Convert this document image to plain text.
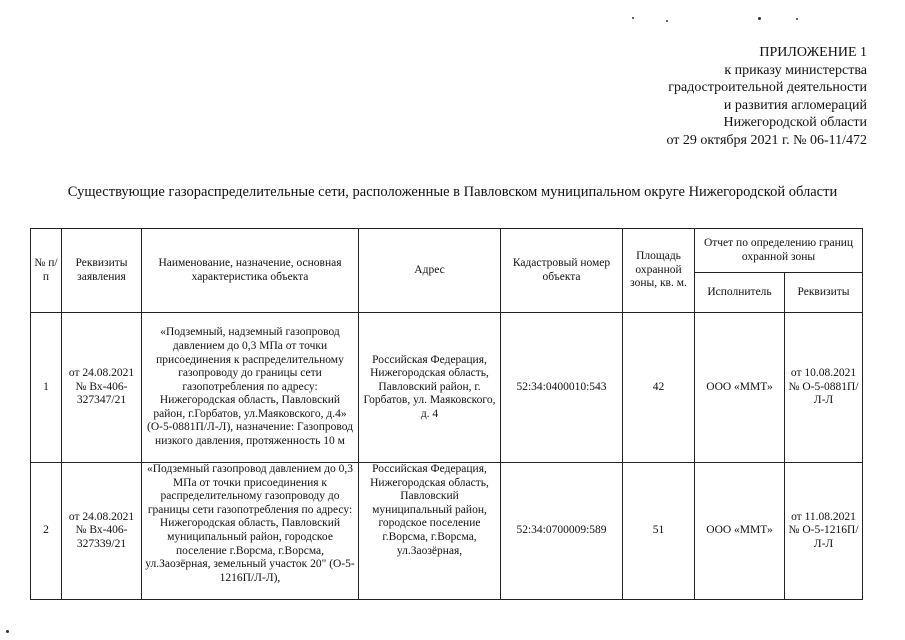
ПРИЛОЖЕНИЕ 1
к приказу министерства
градостроительной деятельности
и развития агломераций
Нижегородской области
от 29 октября 2021 г. № 06-11/472
Существующие газораспределительные сети, расположенные в Павловском муниципальном округе Нижегородской области
№ п/п	Реквизиты заявления	Наименование, назначение, основная характеристика объекта	Адрес	Кадастровый номер объекта	Площадь охранной зоны, кв. м.	Отчет по определению границ охранной зоны	
						Исполнитель	Реквизиты
1	от 24.08.2021 № Вх-406-327347/21	«Подземный, надземный газопровод давлением до 0,3 МПа от точки присоединения к распределительному газопроводу до границы сети газопотребления по адресу: Нижегородская область, Павловский район, г.Горбатов, ул.Маяковского, д.4» (О-5-0881П/Л-Л), назначение: Газопровод низкого давления, протяженность 10 м	Российская Федерация, Нижегородская область, Павловский район, г. Горбатов, ул. Маяковского, д. 4	52:34:0400010:543	42	ООО «ММТ»	от 10.08.2021 № О-5-0881П/Л-Л
2	от 24.08.2021 № Вх-406-327339/21	«Подземный газопровод давлением до 0,3 МПа от точки присоединения к распределительному газопроводу до границы сети газопотребления по адресу: Нижегородская область, Павловский муниципальный район, городское поселение г.Ворсма, г.Ворсма, ул.Заозёрная, земельный участок 20" (О-5-1216П/Л-Л),	Российская Федерация, Нижегородская область, Павловский муниципальный район, городское поселение г.Ворсма, г.Ворсма, ул.Заозёрная,	52:34:0700009:589	51	ООО «ММТ»	от 11.08.2021 № О-5-1216П/Л-Л
